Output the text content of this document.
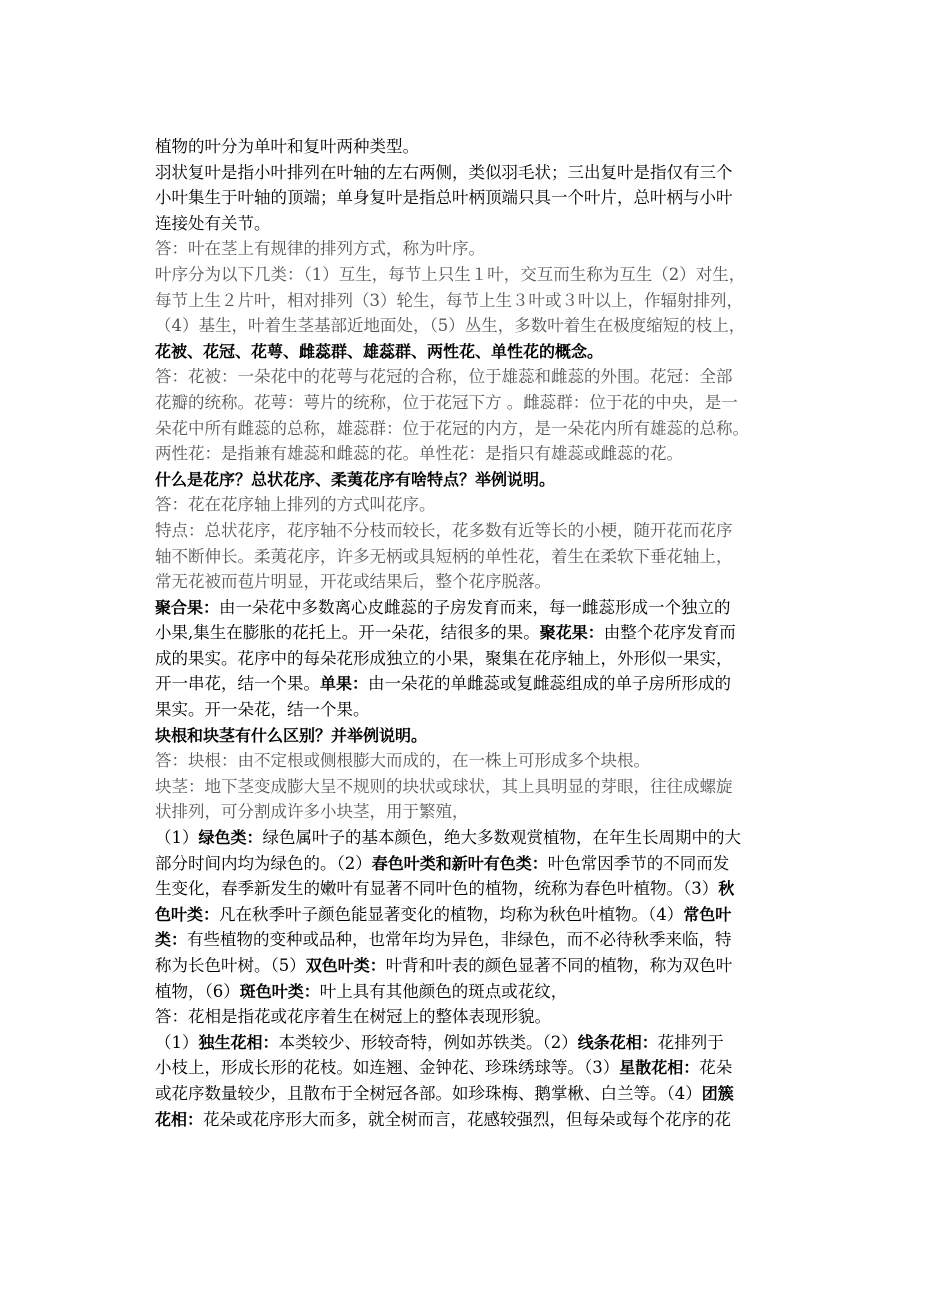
植物的叶分为单叶和复叶两种类型。
羽状复叶是指小叶排列在叶轴的左右两侧，类似羽毛状；三出复叶是指仅有三个
小叶集生于叶轴的顶端；单身复叶是指总叶柄顶端只具一个叶片，总叶柄与小叶
连接处有关节。
答：叶在茎上有规律的排列方式，称为叶序。
叶序分为以下几类：（1）互生，每节上只生１叶，交互而生称为互生（2）对生，
每节上生２片叶，相对排列（3）轮生，每节上生３叶或３叶以上，作辐射排列，
（4）基生，叶着生茎基部近地面处，（5）丛生，多数叶着生在极度缩短的枝上，
花被、花冠、花萼、雌蕊群、雄蕊群、两性花、单性花的概念。
答：花被：一朵花中的花萼与花冠的合称，位于雄蕊和雌蕊的外围。花冠：全部
花瓣的统称。花萼：萼片的统称，位于花冠下方 。雌蕊群：位于花的中央，是一
朵花中所有雌蕊的总称，雄蕊群：位于花冠的内方，是一朵花内所有雄蕊的总称。
两性花：是指兼有雄蕊和雌蕊的花。单性花：是指只有雄蕊或雌蕊的花。
什么是花序？总状花序、柔荑花序有啥特点？举例说明。
答：花在花序轴上排列的方式叫花序。
特点：总状花序，花序轴不分枝而较长，花多数有近等长的小梗，随开花而花序
轴不断伸长。柔荑花序，许多无柄或具短柄的单性花，着生在柔软下垂花轴上，
常无花被而苞片明显，开花或结果后，整个花序脱落。
聚合果：由一朵花中多数离心皮雌蕊的子房发育而来，每一雌蕊形成一个独立的
小果,集生在膨胀的花托上。开一朵花，结很多的果。聚花果：由整个花序发育而
成的果实。花序中的每朵花形成独立的小果，聚集在花序轴上，外形似一果实，
开一串花，结一个果。单果：由一朵花的单雌蕊或复雌蕊组成的单子房所形成的
果实。开一朵花，结一个果。
块根和块茎有什么区别？并举例说明。
答：块根：由不定根或侧根膨大而成的，在一株上可形成多个块根。
块茎：地下茎变成膨大呈不规则的块状或球状，其上具明显的芽眼，往往成螺旋
状排列，可分割成许多小块茎，用于繁殖，
（1）绿色类：绿色属叶子的基本颜色，绝大多数观赏植物，在年生长周期中的大
部分时间内均为绿色的。（2）春色叶类和新叶有色类：叶色常因季节的不同而发
生变化，春季新发生的嫩叶有显著不同叶色的植物，统称为春色叶植物。（3）秋
色叶类：凡在秋季叶子颜色能显著变化的植物，均称为秋色叶植物。（4）常色叶
类：有些植物的变种或品种，也常年均为异色，非绿色，而不必待秋季来临，特
称为长色叶树。（5）双色叶类：叶背和叶表的颜色显著不同的植物，称为双色叶
植物，（6）斑色叶类：叶上具有其他颜色的斑点或花纹，
答：花相是指花或花序着生在树冠上的整体表现形貌。
（1）独生花相：本类较少、形较奇特，例如苏铁类。（2）线条花相：花排列于
小枝上，形成长形的花枝。如连翘、金钟花、珍珠绣球等。（3）星散花相：花朵
或花序数量较少，且散布于全树冠各部。如珍珠梅、鹅掌楸、白兰等。（4）团簇
花相：花朵或花序形大而多，就全树而言，花感较强烈，但每朵或每个花序的花
